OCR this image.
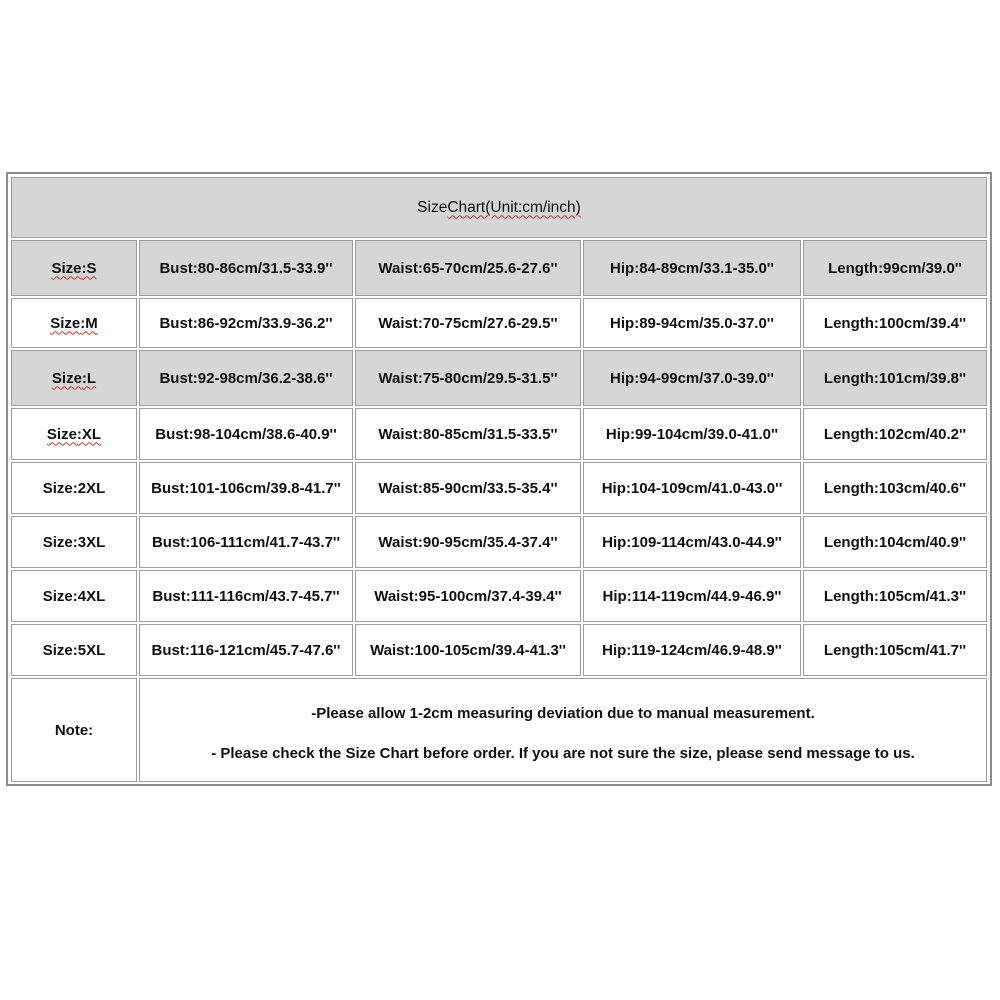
Size Chart(Unit:cm/inch)
Size :S	Bust:80-86cm/31.5-33.9''	Waist:65-70cm/25.6-27.6''	Hip:84-89cm/33.1-35.0''	Length:99cm/39.0''
Size :M	Bust:86-92cm/33.9-36.2''	Waist:70-75cm/27.6-29.5''	Hip:89-94cm/35.0-37.0''	Length:100cm/39.4''
Size :L	Bust:92-98cm/36.2-38.6''	Waist:75-80cm/29.5-31.5''	Hip:94-99cm/37.0-39.0''	Length:101cm/39.8''
Size :XL	Bust:98-104cm/38.6-40.9''	Waist:80-85cm/31.5-33.5''	Hip:99-104cm/39.0-41.0''	Length:102cm/40.2''
Size :2XL	Bust:101-106cm/39.8-41.7''	Waist:85-90cm/33.5-35.4''	Hip:104-109cm/41.0-43.0''	Length:103cm/40.6''
Size :3XL	Bust:106-111cm/41.7-43.7''	Waist:90-95cm/35.4-37.4''	Hip:109-114cm/43.0-44.9''	Length:104cm/40.9''
Size :4XL	Bust:111-116cm/43.7-45.7''	Waist:95-100cm/37.4-39.4''	Hip:114-119cm/44.9-46.9''	Length:105cm/41.3''
Size :5XL	Bust:116-121cm/45.7-47.6''	Waist:100-105cm/39.4-41.3''	Hip:119-124cm/46.9-48.9''	Length:105cm/41.7''
Note:
-Please allow 1-2cm measuring deviation due to manual measurement.
- Please check the Size Chart before order. If you are not sure the size, please send message to us.
